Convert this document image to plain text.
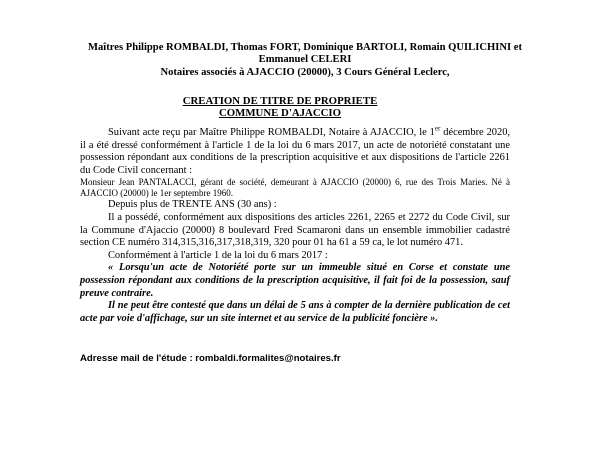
Maîtres Philippe ROMBALDI, Thomas FORT, Dominique BARTOLI, Romain QUILICHINI et
Emmanuel CELERI
Notaires associés à AJACCIO (20000), 3 Cours Général Leclerc,
CREATION DE TITRE DE PROPRIETE
COMMUNE D'AJACCIO

Suivant acte reçu par Maître Philippe ROMBALDI, Notaire à AJACCIO, le 1er décembre 2020, il a été dressé conformément à l'article 1 de la loi du 6 mars 2017, un acte de notoriété constatant une possession répondant aux conditions de la prescription acquisitive et aux dispositions de l'article 2261 du Code Civil concernant :

Monsieur Jean PANTALACCI, gérant de société, demeurant à AJACCIO (20000) 6, rue des Trois Maries. Né à AJACCIO (20000) le 1er septembre 1960.

Depuis plus de TRENTE ANS (30 ans) :

Il a possédé, conformément aux dispositions des articles 2261, 2265 et 2272 du Code Civil, sur la Commune d'Ajaccio (20000) 8 boulevard Fred Scamaroni dans un ensemble immobilier cadastré section CE numéro 314,315,316,317,318,319, 320 pour 01 ha 61 a 59 ca, le lot numéro 471.

Conformément à l'article 1 de la loi du 6 mars 2017 :

« Lorsqu'un acte de Notoriété porte sur un immeuble situé en Corse et constate une possession répondant aux conditions de la prescription acquisitive, il fait foi de la possession, sauf preuve contraire.

Il ne peut être contesté que dans un délai de 5 ans à compter de la dernière publication de cet acte par voie d'affichage, sur un site internet et au service de la publicité foncière ».

Adresse mail de l'étude : rombaldi.formalites@notaires.fr
